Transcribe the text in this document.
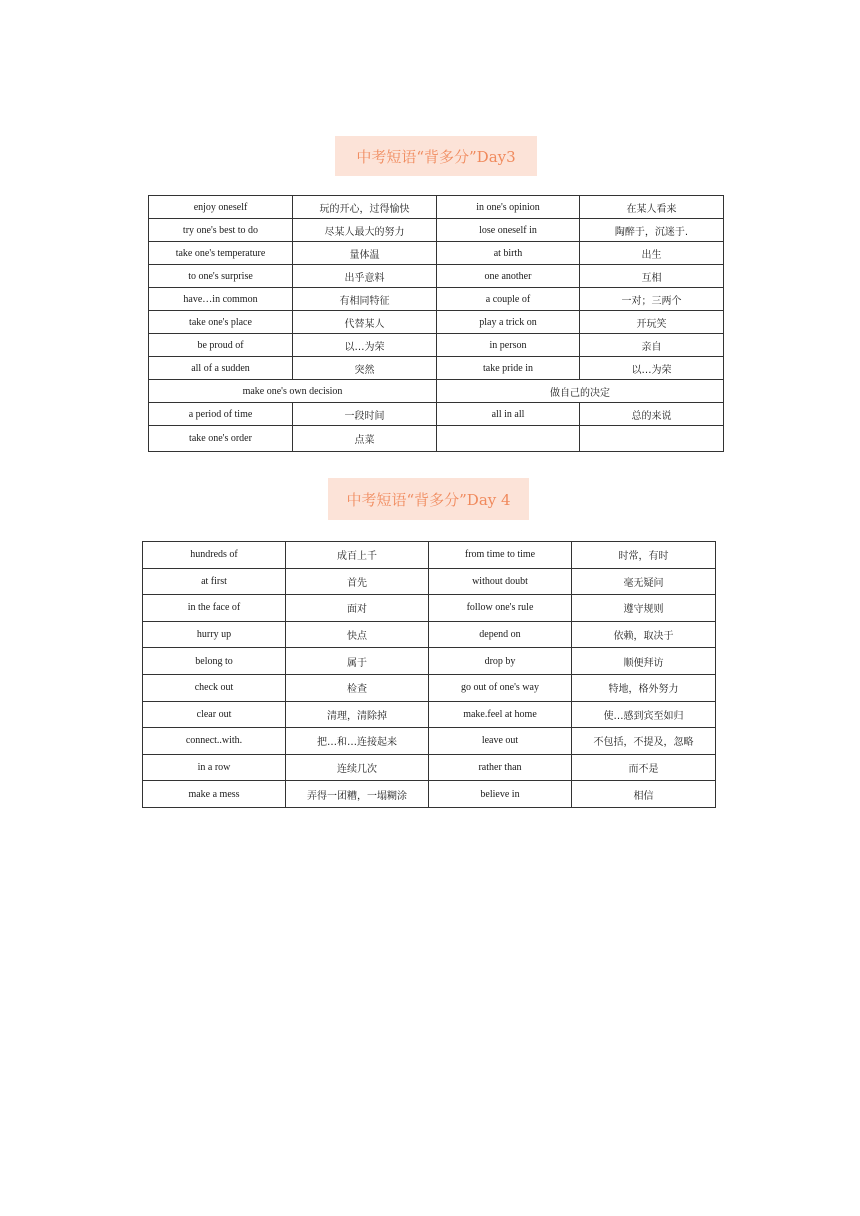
中考短语“背多分”Day3
enjoy oneself	玩的开心，过得愉快	in one's opinion	在某人看来
try one's best to do	尽某人最大的努力	lose oneself in	陶醉于，沉迷于.
take one's temperature	量体温	at birth	出生
to one's surprise	出乎意料	one another	互相
have…in common	有相同特征	a couple of	一对；三两个
take one's place	代替某人	play a trick on	开玩笑
be proud of	以…为荣	in person	亲自
all of a sudden	突然	take pride in	以…为荣
make one's own decision		做自己的决定	
a period of time	一段时间	all in all	总的来说
take one's order	点菜		
中考短语“背多分”Day 4
hundreds of	成百上千	from time to time	时常，有时
at first	首先	without doubt	毫无疑问
in the face of	面对	follow one's rule	遵守规则
hurry up	快点	depend on	依赖，取决于
belong to	属于	drop by	顺便拜访
check out	检查	go out of one's way	特地，格外努力
clear out	清理，清除掉	make.feel at home	使…感到宾至如归
connect..with.	把…和…连接起来	leave out	不包括，不提及，忽略
in a row	连续几次	rather than	而不是
make a mess	弄得一团糟，一塌糊涂	believe in	相信
